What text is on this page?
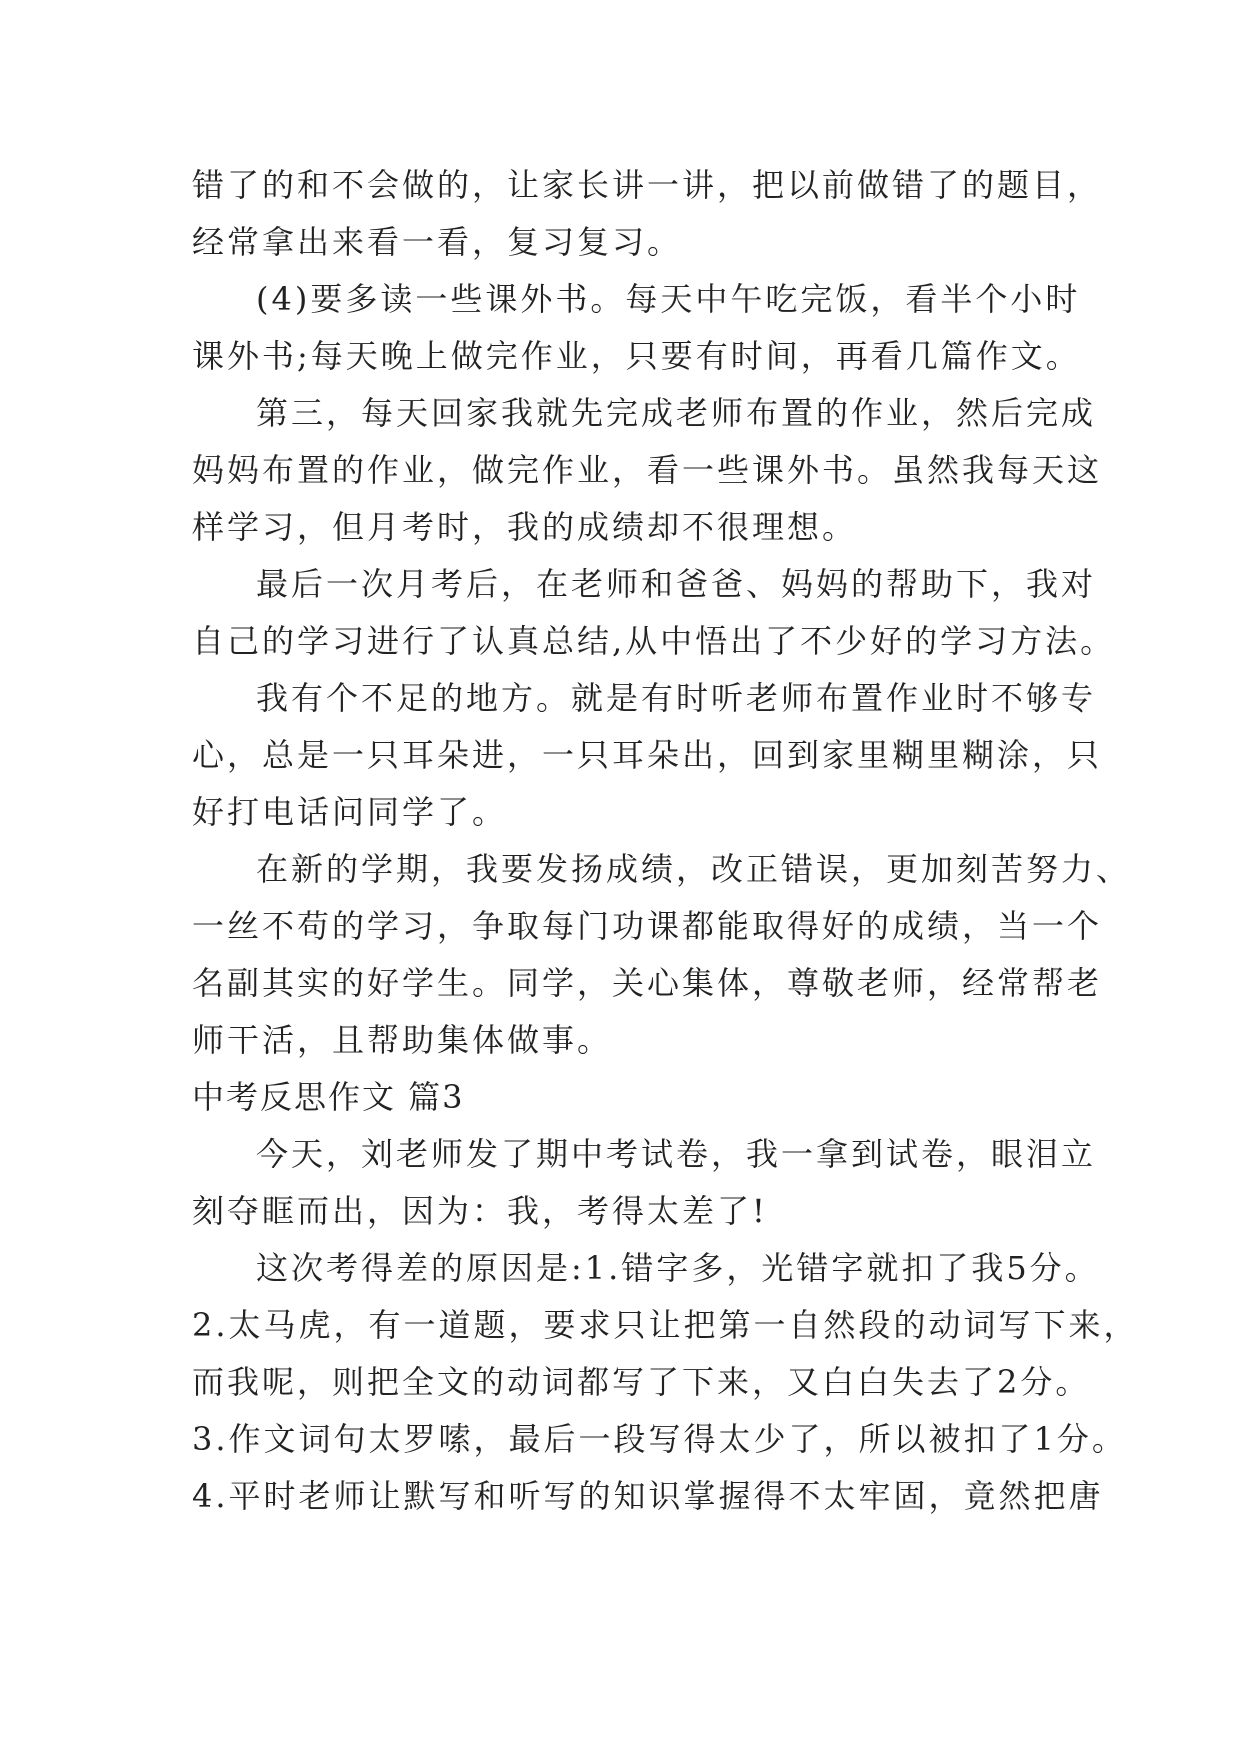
错了的和不会做的，让家长讲一讲，把以前做错了的题目，
经常拿出来看一看，复习复习。
(4)要多读一些课外书。每天中午吃完饭，看半个小时
课外书;每天晚上做完作业，只要有时间，再看几篇作文。
第三，每天回家我就先完成老师布置的作业，然后完成
妈妈布置的作业，做完作业，看一些课外书。虽然我每天这
样学习，但月考时，我的成绩却不很理想。
最后一次月考后，在老师和爸爸、妈妈的帮助下，我对
自己的学习进行了认真总结,从中悟出了不少好的学习方法。
我有个不足的地方。就是有时听老师布置作业时不够专
心，总是一只耳朵进，一只耳朵出，回到家里糊里糊涂，只
好打电话问同学了。
在新的学期，我要发扬成绩，改正错误，更加刻苦努力、
一丝不苟的学习，争取每门功课都能取得好的成绩，当一个
名副其实的好学生。同学，关心集体，尊敬老师，经常帮老
师干活，且帮助集体做事。
中考反思作文 篇3
今天，刘老师发了期中考试卷，我一拿到试卷，眼泪立
刻夺眶而出，因为：我，考得太差了!
这次考得差的原因是:1.错字多，光错字就扣了我5分。
2.太马虎，有一道题，要求只让把第一自然段的动词写下来，
而我呢，则把全文的动词都写了下来，又白白失去了2分。
3.作文词句太罗嗦，最后一段写得太少了，所以被扣了1分。
4.平时老师让默写和听写的知识掌握得不太牢固，竟然把唐
